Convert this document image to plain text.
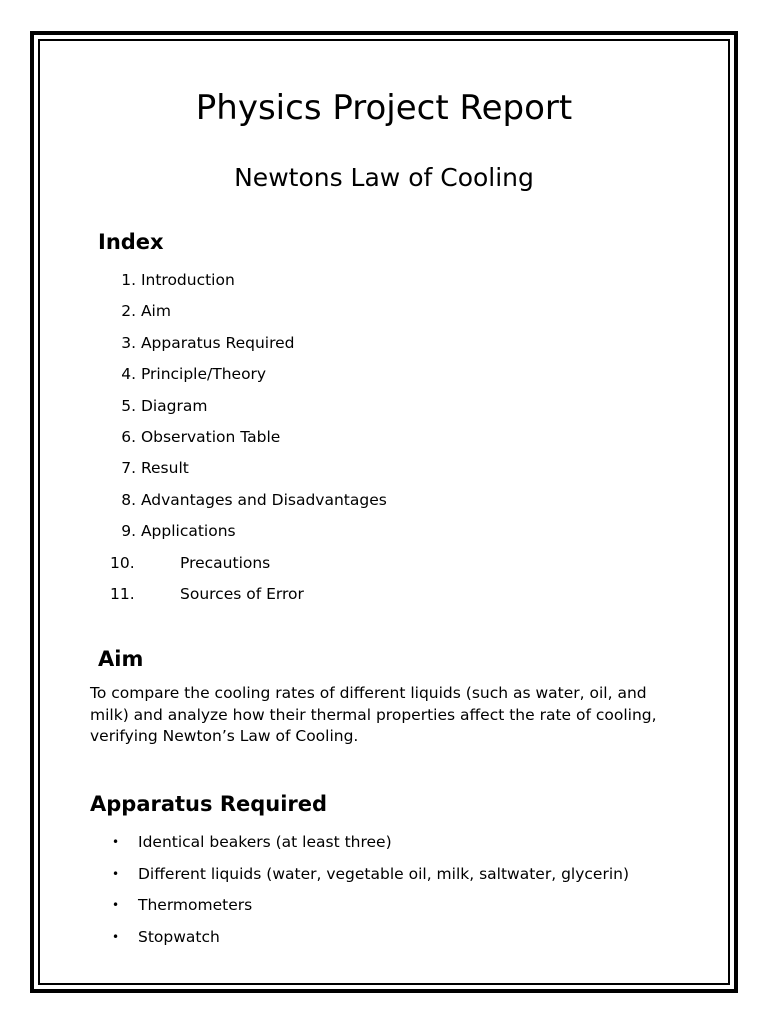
Physics Project Report
Newtons Law of Cooling
Index
1. Introduction
2. Aim
3. Apparatus Required
4. Principle/Theory
5. Diagram
6. Observation Table
7. Result
8. Advantages and Disadvantages
9. Applications
10.	Precautions
11.	Sources of Error
Aim
To compare the cooling rates of different liquids (such as water, oil, and milk) and analyze how their thermal properties affect the rate of cooling, verifying Newton’s Law of Cooling.
Apparatus Required
• Identical beakers (at least three)
• Different liquids (water, vegetable oil, milk, saltwater, glycerin)
• Thermometers
• Stopwatch
